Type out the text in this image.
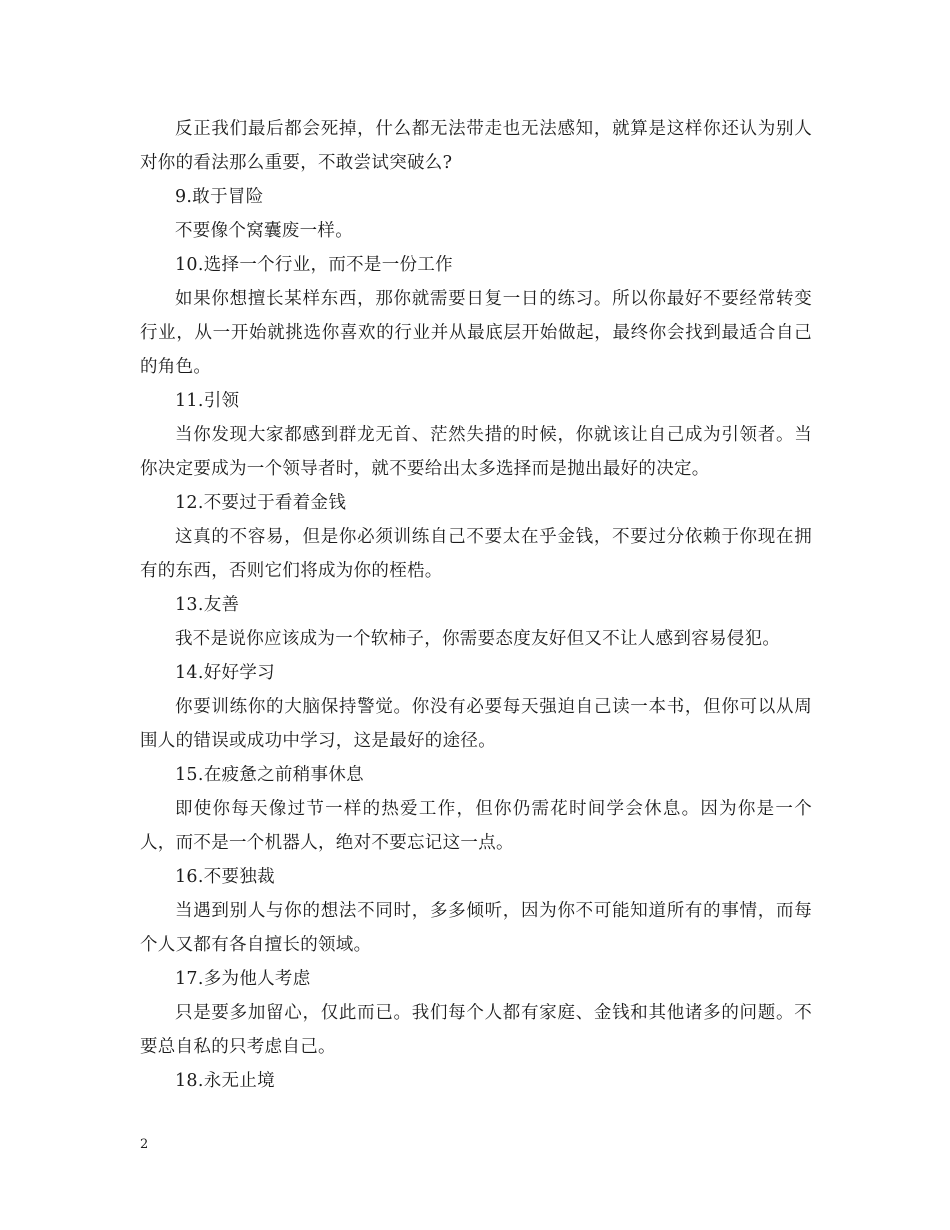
反正我们最后都会死掉，什么都无法带走也无法感知，就算是这样你还认为别人对你的看法那么重要，不敢尝试突破么?

9.敢于冒险

不要像个窝囊废一样。

10.选择一个行业，而不是一份工作

如果你想擅长某样东西，那你就需要日复一日的练习。所以你最好不要经常转变行业，从一开始就挑选你喜欢的行业并从最底层开始做起，最终你会找到最适合自己的角色。

11.引领

当你发现大家都感到群龙无首、茫然失措的时候，你就该让自己成为引领者。当你决定要成为一个领导者时，就不要给出太多选择而是抛出最好的决定。

12.不要过于看着金钱

这真的不容易，但是你必须训练自己不要太在乎金钱，不要过分依赖于你现在拥有的东西，否则它们将成为你的桎梏。

13.友善

我不是说你应该成为一个软柿子，你需要态度友好但又不让人感到容易侵犯。

14.好好学习

你要训练你的大脑保持警觉。你没有必要每天强迫自己读一本书，但你可以从周围人的错误或成功中学习，这是最好的途径。

15.在疲惫之前稍事休息

即使你每天像过节一样的热爱工作，但你仍需花时间学会休息。因为你是一个人，而不是一个机器人，绝对不要忘记这一点。

16.不要独裁

当遇到别人与你的想法不同时，多多倾听，因为你不可能知道所有的事情，而每个人又都有各自擅长的领域。

17.多为他人考虑

只是要多加留心，仅此而已。我们每个人都有家庭、金钱和其他诸多的问题。不要总自私的只考虑自己。

18.永无止境

2
